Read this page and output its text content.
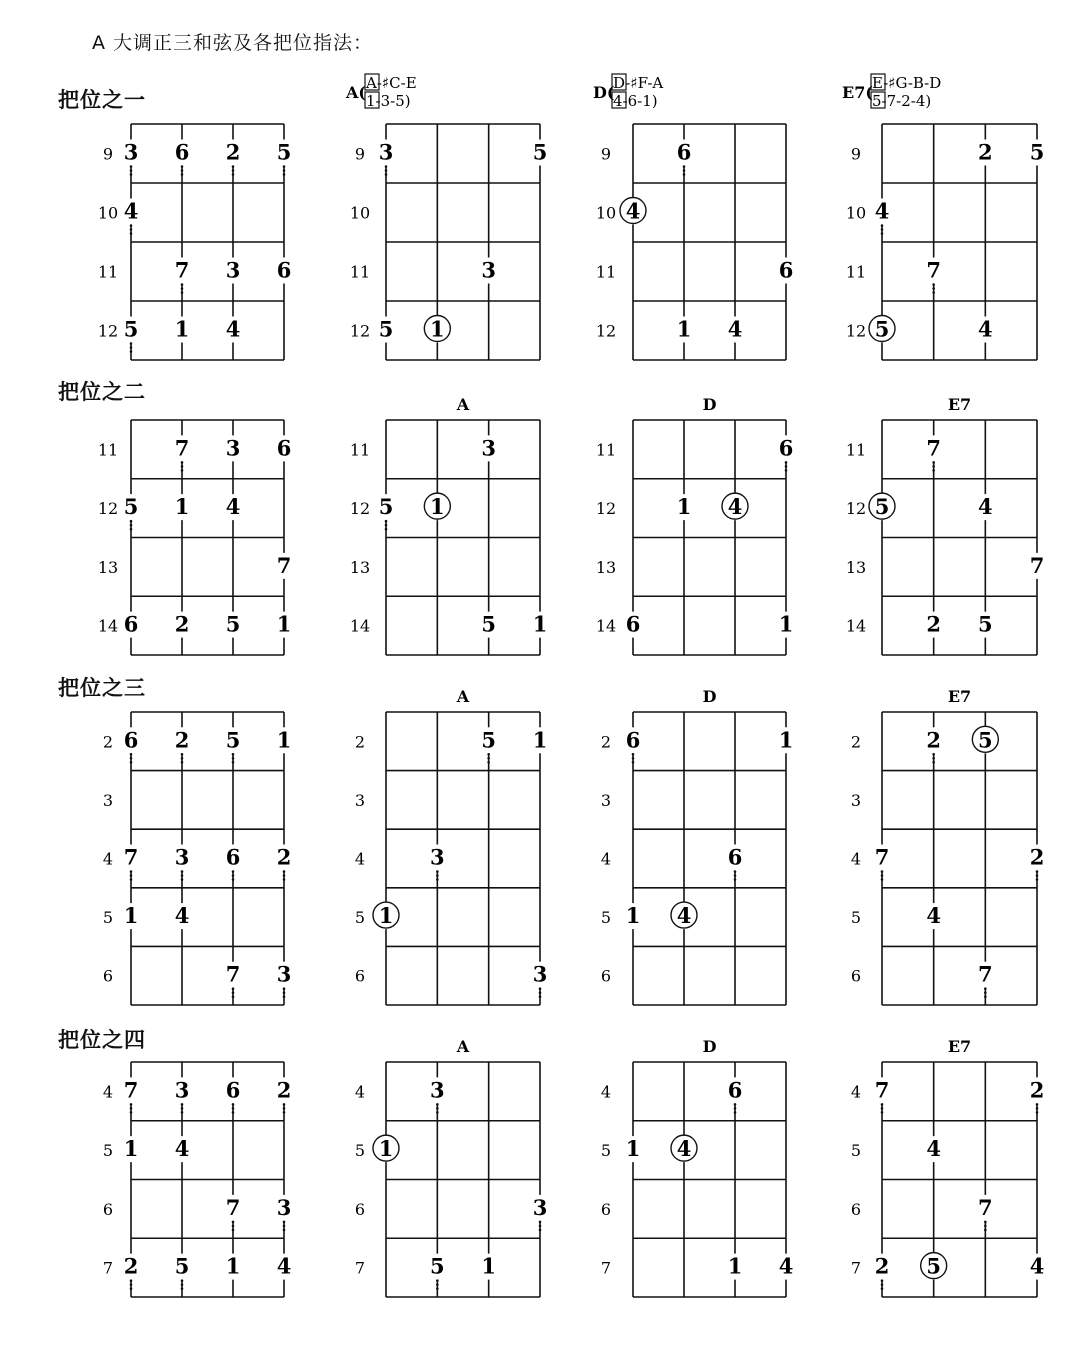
A 大调正三和弦及各把位指法：
把位之一
把位之二
把位之三
把位之四
9
10
11
12
3 6 2 5
4
7 3 6
5 1 4
9
10
11
12
A( A-♯C-E
1-3-5)
3	5
3
5 1
9
10
11
12
D(
D-♯F-A
4-6-1)
6
4
6
1 4
9
10
11
12
E7( E-♯G-B-D
5-7-2-4)
2 5
4
7
5	4
11
12
13
14
7 3 6
5 1 4
7
6 2 5 1
11
12
13
14
A
3
5 1
5 1
11
12
13
14
D
6
1 4
6	1
11
12
13
14
E7
7
5	4
7
2 5
2
3
4
5
6
6 2 5 1
7 3 6 2
1 4
7 3
2
3
4
5
6
A
5 1
3
1
3
2
3
4
5
6
D
6	1
6
1 4
2
3
4
5
6
E7
2 5
7	2
4
7
4
5
6
7
7 3 6 2
1 4
7 3
2 5 1 4
4
5
6
7
A
3
1
3
5 1
4
5
6
7
D
6
1 4
1 4
4
5
6
7
E7
7	2
4
7
2 5	4
